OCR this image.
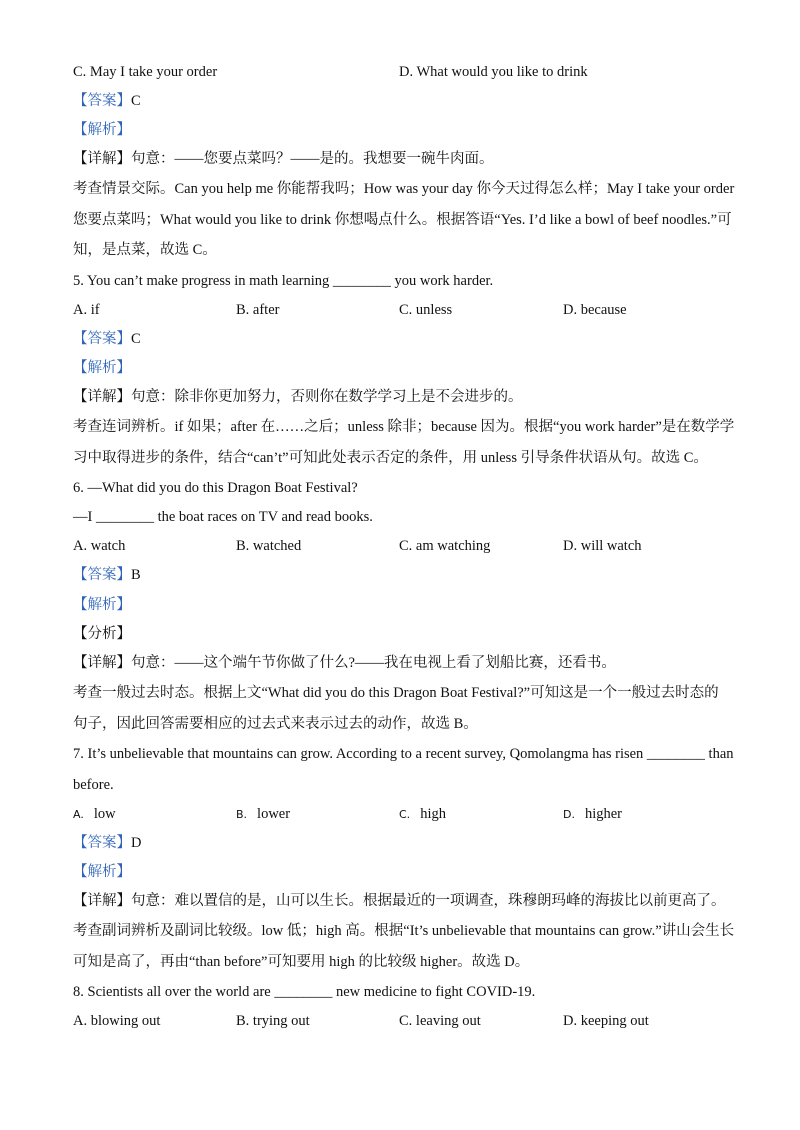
C. May I take your order	D. What would you like to drink
【答案】C
【解析】
【详解】句意：——您要点菜吗？——是的。我想要一碗牛肉面。
考查情景交际。Can you help me 你能帮我吗；How was your day 你今天过得怎么样；May I take your order
您要点菜吗；What would you like to drink 你想喝点什么。根据答语“Yes. I’d like a bowl of beef noodles.”可
知，是点菜，故选 C。
5. You can’t make progress in math learning ________ you work harder.
A. if	B. after	C. unless	D. because
【答案】C
【解析】
【详解】句意：除非你更加努力，否则你在数学学习上是不会进步的。
考查连词辨析。if 如果；after 在……之后；unless 除非；because 因为。根据“you work harder”是在数学学
习中取得进步的条件，结合“can’t”可知此处表示否定的条件，用 unless 引导条件状语从句。故选 C。
6. —What did you do this Dragon Boat Festival?
—I ________ the boat races on TV and read books.
A. watch	B. watched	C. am watching	D. will watch
【答案】B
【解析】
【分析】
【详解】句意：——这个端午节你做了什么?——我在电视上看了划船比赛，还看书。
考查一般过去时态。根据上文“What did you do this Dragon Boat Festival?”可知这是一个一般过去时态的
句子，因此回答需要相应的过去式来表示过去的动作，故选 B。
7. It’s unbelievable that mountains can grow. According to a recent survey, Qomolangma has risen ________ than
before.
A. low	B. lower	C. high	D. higher
【答案】D
【解析】
【详解】句意：难以置信的是，山可以生长。根据最近的一项调查，珠穆朗玛峰的海拔比以前更高了。
考查副词辨析及副词比较级。low 低；high 高。根据“It’s unbelievable that mountains can grow.”讲山会生长
可知是高了，再由“than before”可知要用 high 的比较级 higher。故选 D。
8. Scientists all over the world are ________ new medicine to fight COVID-19.
A. blowing out	B. trying out	C. leaving out	D. keeping out
